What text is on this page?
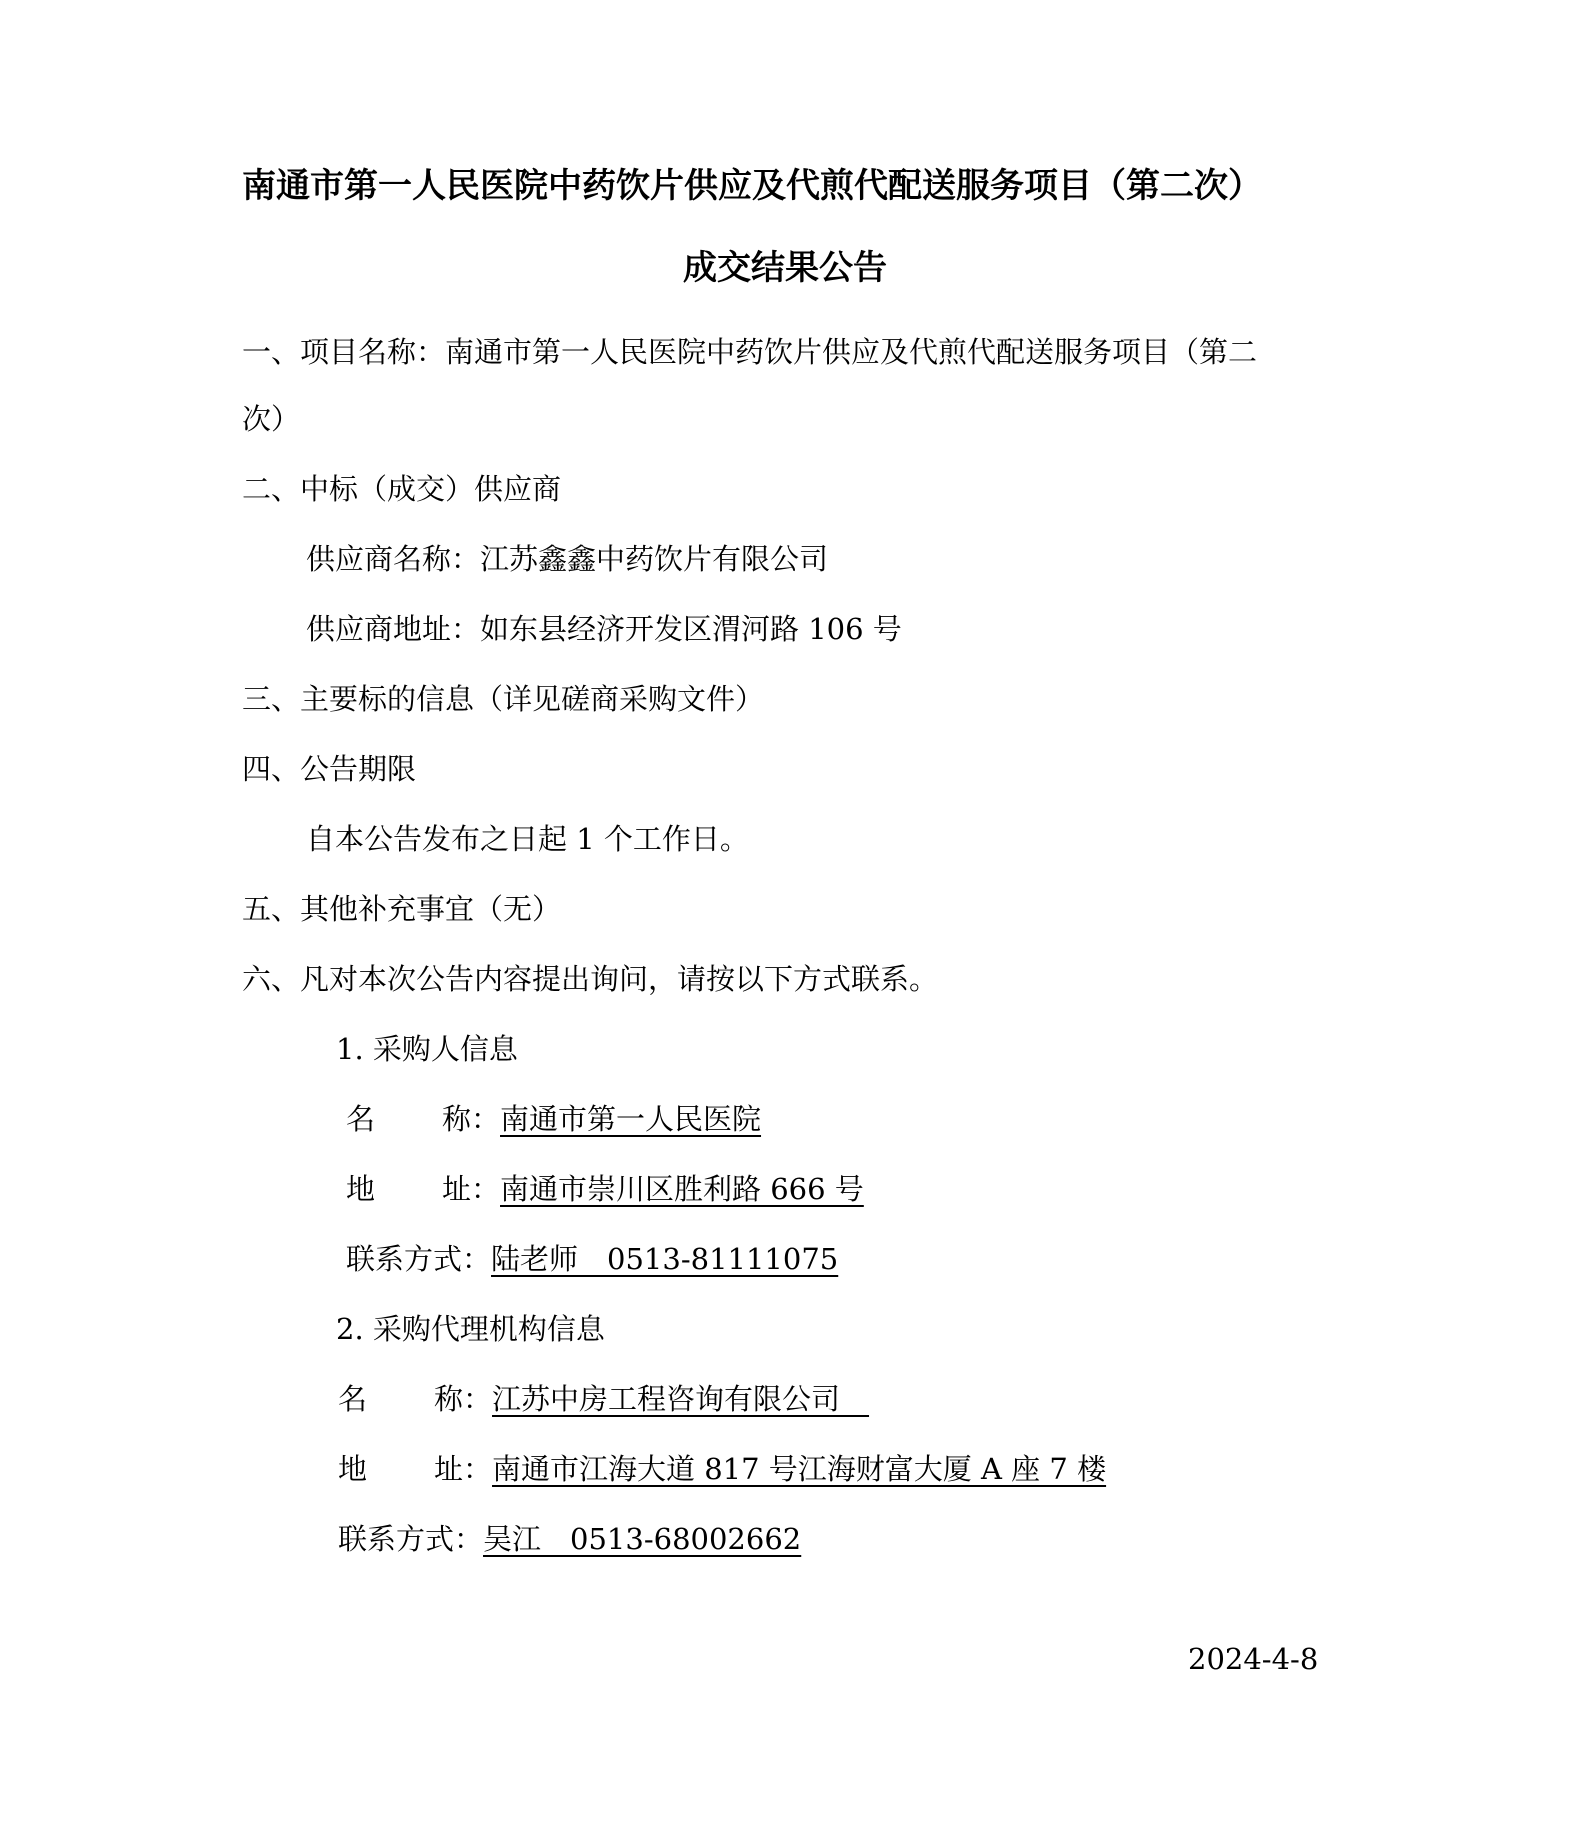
南通市第一人民医院中药饮片供应及代煎代配送服务项目（第二次）
成交结果公告
一、项目名称：南通市第一人民医院中药饮片供应及代煎代配送服务项目（第二
次）
二、中标（成交）供应商
供应商名称：江苏鑫鑫中药饮片有限公司
供应商地址：如东县经济开发区渭河路 106 号
三、主要标的信息（详见磋商采购文件）
四、公告期限
自本公告发布之日起 1 个工作日。
五、其他补充事宜（无）
六、凡对本次公告内容提出询问，请按以下方式联系。
1. 采购人信息
名 称：南通市第一人民医院
地 址：南通市崇川区胜利路 666 号
联系方式：陆老师　0513-81111075
2. 采购代理机构信息
名 称：江苏中房工程咨询有限公司　
地 址：南通市江海大道 817 号江海财富大厦 A 座 7 楼
联系方式：吴江　0513-68002662
2024-4-8
